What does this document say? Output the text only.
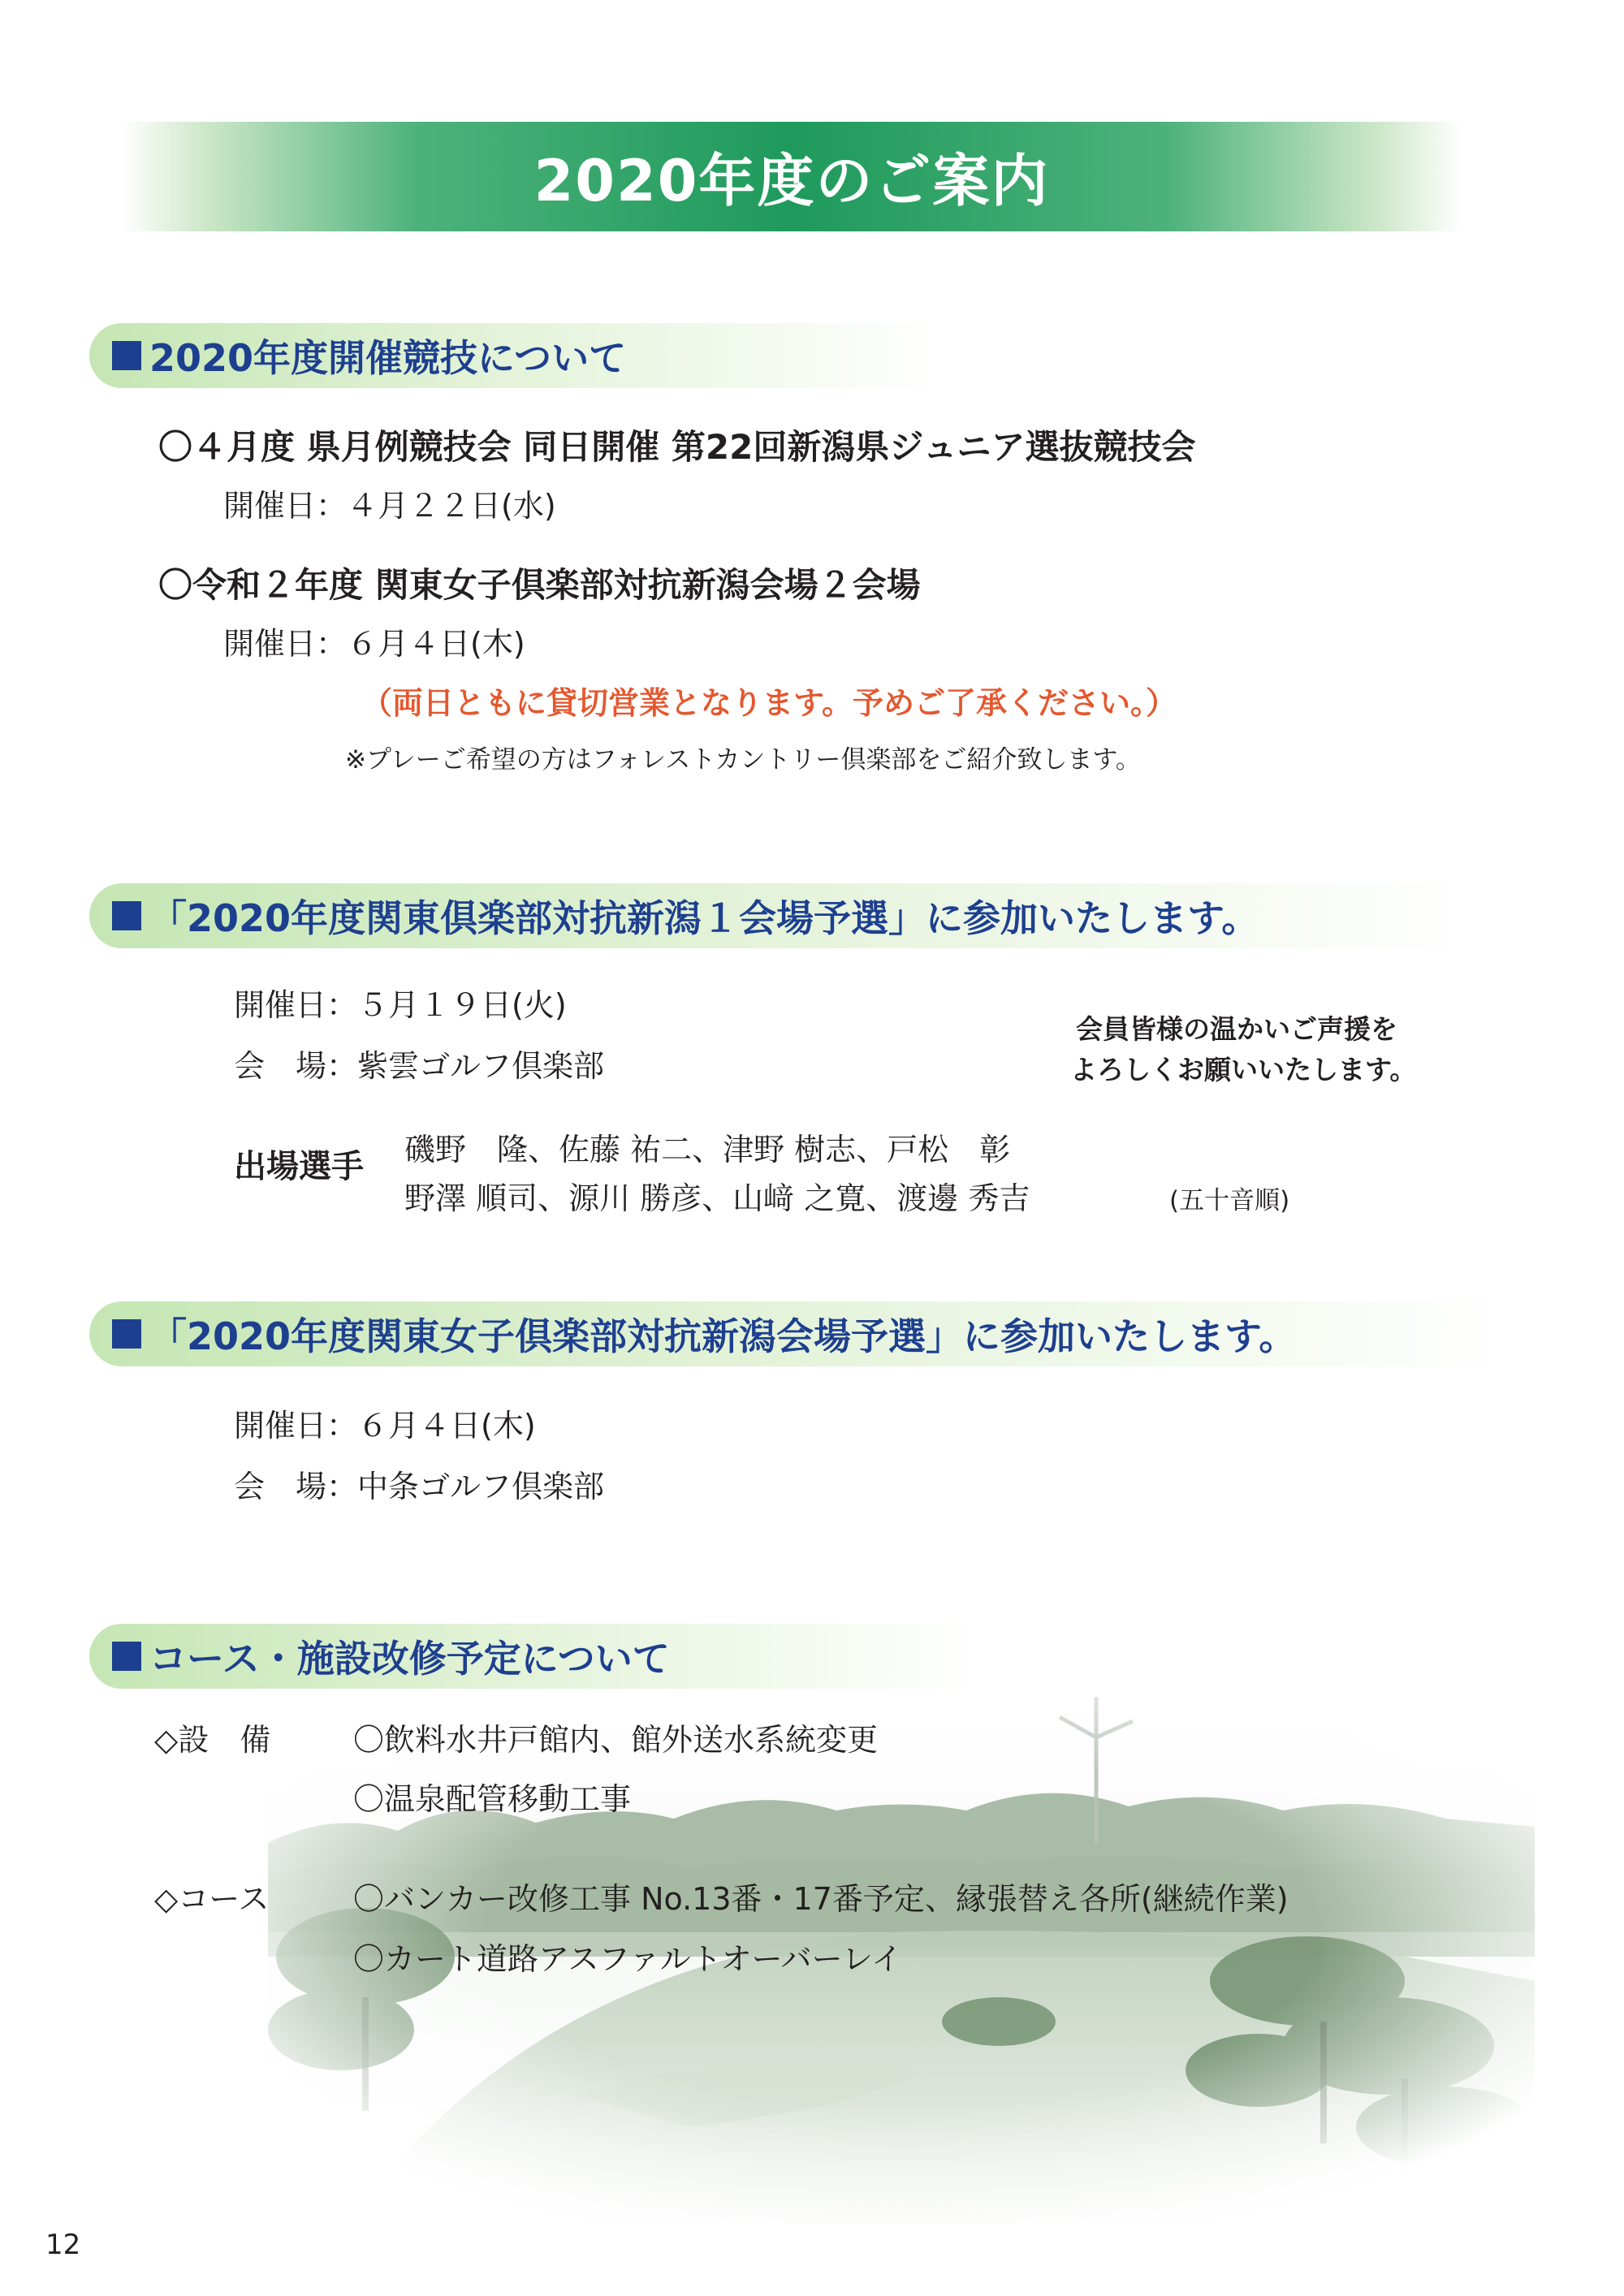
2020年度のご案内
2020年度開催競技について
〇４月度 県月例競技会 同日開催 第22回新潟県ジュニア選抜競技会
開催日：４月２２日(水)
〇令和２年度 関東女子倶楽部対抗新潟会場２会場
開催日：６月４日(木)
（両日ともに貸切営業となります。予めご了承ください。）
※プレーご希望の方はフォレストカントリー倶楽部をご紹介致します。
「2020年度関東倶楽部対抗新潟１会場予選」に参加いたします。
開催日：５月１９日(火)
会　場：紫雲ゴルフ倶楽部
会員皆様の温かいご声援を
よろしくお願いいたします。
出場選手 磯野　隆、佐藤 祐二、津野 樹志、戸松　彰
野澤 順司、源川 勝彦、山﨑 之寛、渡邊 秀吉	(五十音順)
「2020年度関東女子倶楽部対抗新潟会場予選」に参加いたします。
開催日：６月４日(木)
会　場：中条ゴルフ倶楽部
コース・施設改修予定について
◇設　備	〇飲料水井戸館内、館外送水系統変更
〇温泉配管移動工事
◇コース	〇バンカー改修工事 No.13番・17番予定、縁張替え各所(継続作業)
〇カート道路アスファルトオーバーレイ
12
